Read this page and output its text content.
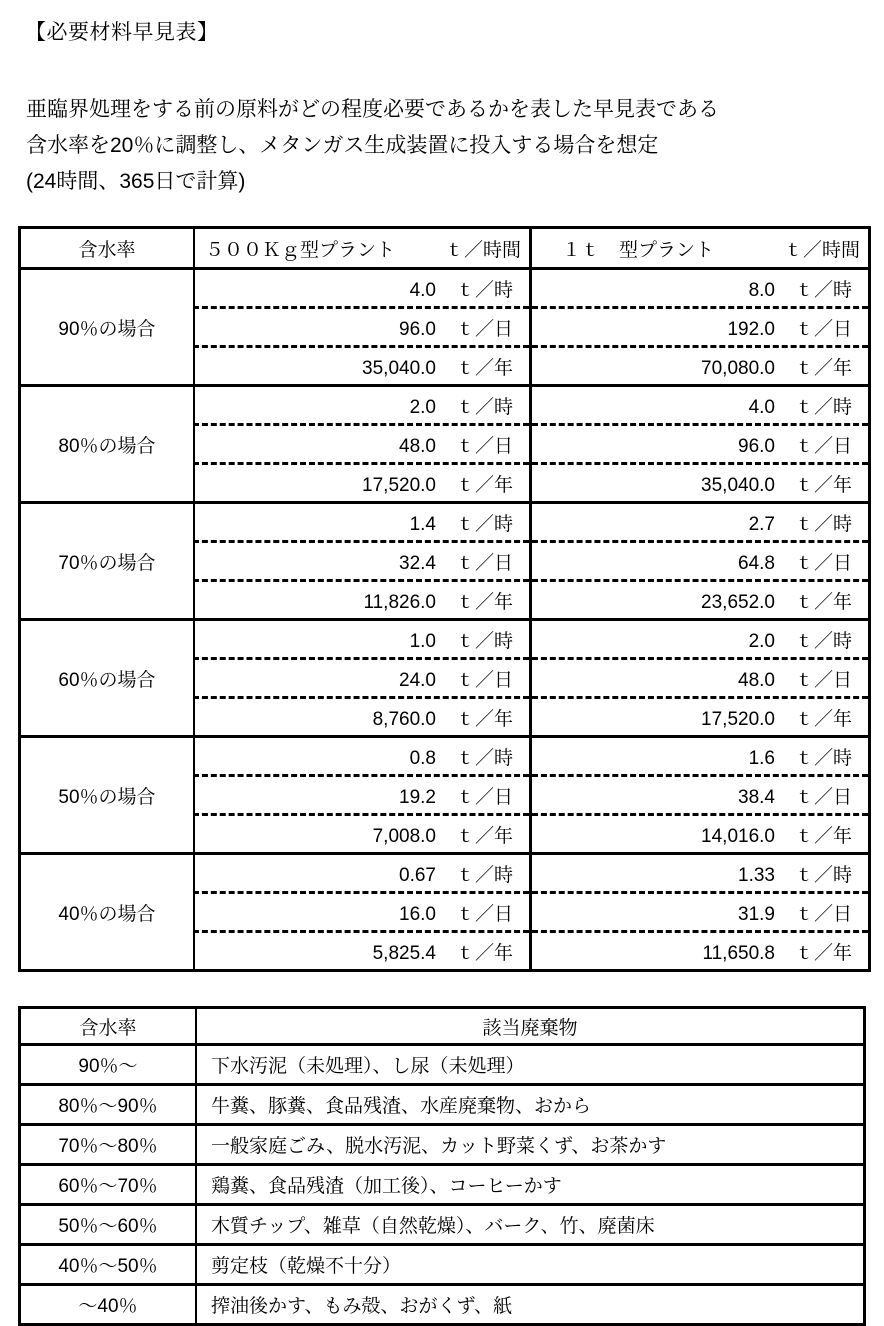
【必要材料早見表】
亜臨界処理をする前の原料がどの程度必要であるかを表した早見表である
含水率を20％に調整し、メタンガス生成装置に投入する場合を想定
(24時間、365日で計算)
含水率	５００Ｋｇ型プラント ｔ／時間	１ｔ　型プラント ｔ／時間

90％の場合	4.0 ｔ／時	8.0 ｔ／時

	96.0 ｔ／日	192.0 ｔ／日

	35,040.0 ｔ／年	70,080.0 ｔ／年

80％の場合	2.0 ｔ／時	4.0 ｔ／時

	48.0 ｔ／日	96.0 ｔ／日

	17,520.0 ｔ／年	35,040.0 ｔ／年

70％の場合	1.4 ｔ／時	2.7 ｔ／時

	32.4 ｔ／日	64.8 ｔ／日

	11,826.0 ｔ／年	23,652.0 ｔ／年

60％の場合	1.0 ｔ／時	2.0 ｔ／時

	24.0 ｔ／日	48.0 ｔ／日

	8,760.0 ｔ／年	17,520.0 ｔ／年

50％の場合	0.8 ｔ／時	1.6 ｔ／時

	19.2 ｔ／日	38.4 ｔ／日

	7,008.0 ｔ／年	14,016.0 ｔ／年

40％の場合	0.67 ｔ／時	1.33 ｔ／時

	16.0 ｔ／日	31.9 ｔ／日

	5,825.4 ｔ／年	11,650.8 ｔ／年
含水率	該当廃棄物
90％～	下水汚泥（未処理）、し尿（未処理）
80％～90％	牛糞、豚糞、食品残渣、水産廃棄物、おから
70％～80％	一般家庭ごみ、脱水汚泥、カット野菜くず、お茶かす
60％～70％	鶏糞、食品残渣（加工後）、コーヒーかす
50％～60％	木質チップ、雑草（自然乾燥）、バーク、竹、廃菌床
40％～50％	剪定枝（乾燥不十分）
～40％	搾油後かす、もみ殻、おがくず、紙
